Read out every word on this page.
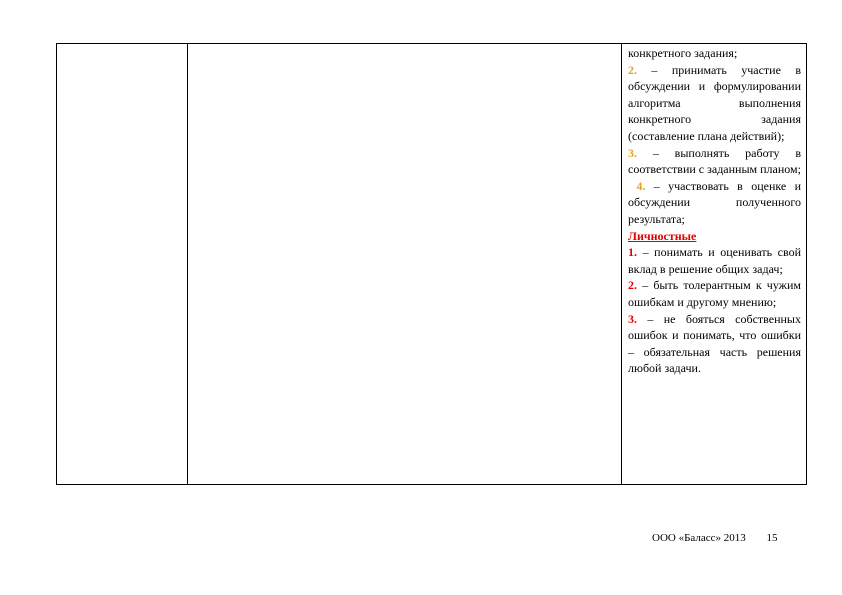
конкретного задания;
2. – принимать участие в обсуждении и формулировании алгоритма выполнения конкретного задания (составление плана действий);
3. – выполнять работу в соответствии с заданным планом;
4. – участвовать в оценке и обсуждении полученного результата;
Личностные
1. – понимать и оценивать свой вклад в решение общих задач;
2. – быть толерантным к чужим ошибкам и другому мнению;
3. – не бояться собственных ошибок и понимать, что ошибки – обязательная часть решения любой задачи.
ООО «Баласс» 2013 15
